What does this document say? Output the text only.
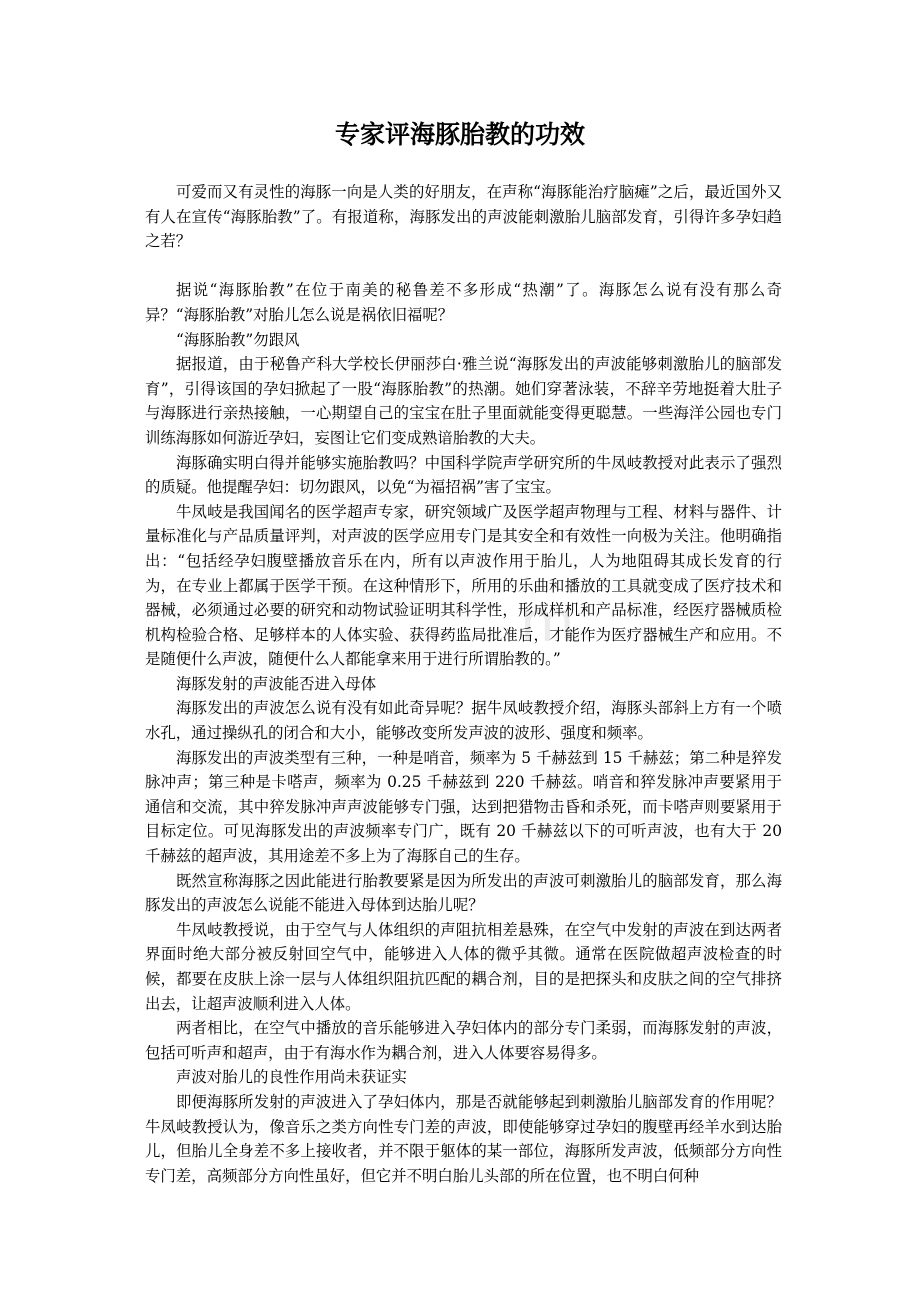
m
专家评海豚胎教的功效

可爱而又有灵性的海豚一向是人类的好朋友，在声称“海豚能治疗脑瘫”之后，最近国外又有人在宣传“海豚胎教”了。有报道称，海豚发出的声波能刺激胎儿脑部发育，引得许多孕妇趋之若？

据说“海豚胎教”在位于南美的秘鲁差不多形成“热潮”了。海豚怎么说有没有那么奇异？“海豚胎教”对胎儿怎么说是祸依旧福呢？

“海豚胎教”勿跟风

据报道，由于秘鲁产科大学校长伊丽莎白·雅兰说“海豚发出的声波能够刺激胎儿的脑部发育”，引得该国的孕妇掀起了一股“海豚胎教”的热潮。她们穿著泳装，不辞辛劳地挺着大肚子与海豚进行亲热接触，一心期望自己的宝宝在肚子里面就能变得更聪慧。一些海洋公园也专门训练海豚如何游近孕妇，妄图让它们变成熟谙胎教的大夫。

海豚确实明白得并能够实施胎教吗？中国科学院声学研究所的牛凤岐教授对此表示了强烈的质疑。他提醒孕妇：切勿跟风，以免“为福招祸”害了宝宝。

牛凤岐是我国闻名的医学超声专家，研究领域广及医学超声物理与工程、材料与器件、计量标准化与产品质量评判，对声波的医学应用专门是其安全和有效性一向极为关注。他明确指出：“包括经孕妇腹壁播放音乐在内，所有以声波作用于胎儿，人为地阻碍其成长发育的行为，在专业上都属于医学干预。在这种情形下，所用的乐曲和播放的工具就变成了医疗技术和器械，必须通过必要的研究和动物试验证明其科学性，形成样机和产品标准，经医疗器械质检机构检验合格、足够样本的人体实验、获得药监局批准后，才能作为医疗器械生产和应用。不是随便什么声波，随便什么人都能拿来用于进行所谓胎教的。”

海豚发射的声波能否进入母体

海豚发出的声波怎么说有没有如此奇异呢？据牛凤岐教授介绍，海豚头部斜上方有一个喷水孔，通过操纵孔的闭合和大小，能够改变所发声波的波形、强度和频率。

海豚发出的声波类型有三种，一种是哨音，频率为 5 千赫兹到 15 千赫兹；第二种是猝发脉冲声；第三种是卡嗒声，频率为 0.25 千赫兹到 220 千赫兹。哨音和猝发脉冲声要紧用于通信和交流，其中猝发脉冲声声波能够专门强，达到把猎物击昏和杀死，而卡嗒声则要紧用于目标定位。可见海豚发出的声波频率专门广，既有 20 千赫兹以下的可听声波，也有大于 20 千赫兹的超声波，其用途差不多上为了海豚自己的生存。

既然宣称海豚之因此能进行胎教要紧是因为所发出的声波可刺激胎儿的脑部发育，那么海豚发出的声波怎么说能不能进入母体到达胎儿呢？

牛凤岐教授说，由于空气与人体组织的声阻抗相差悬殊，在空气中发射的声波在到达两者界面时绝大部分被反射回空气中，能够进入人体的微乎其微。通常在医院做超声波检查的时候，都要在皮肤上涂一层与人体组织阻抗匹配的耦合剂，目的是把探头和皮肤之间的空气排挤出去，让超声波顺利进入人体。

两者相比，在空气中播放的音乐能够进入孕妇体内的部分专门柔弱，而海豚发射的声波，包括可听声和超声，由于有海水作为耦合剂，进入人体要容易得多。

声波对胎儿的良性作用尚未获证实

即便海豚所发射的声波进入了孕妇体内，那是否就能够起到刺激胎儿脑部发育的作用呢？牛凤岐教授认为，像音乐之类方向性专门差的声波，即使能够穿过孕妇的腹壁再经羊水到达胎儿，但胎儿全身差不多上接收者，并不限于躯体的某一部位，海豚所发声波，低频部分方向性专门差，高频部分方向性虽好，但它并不明白胎儿头部的所在位置，也不明白何种
